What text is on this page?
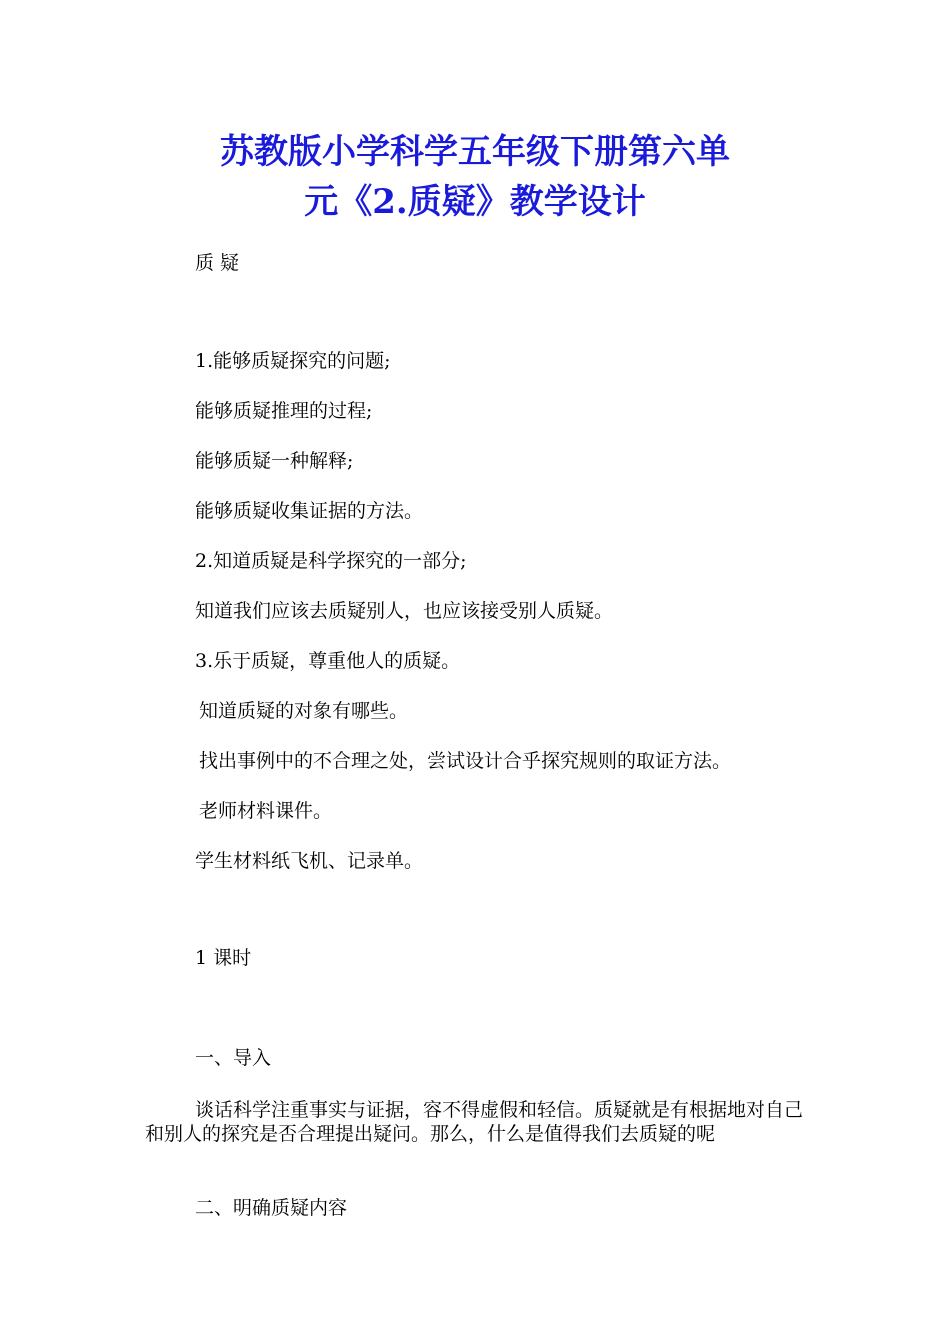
苏教版小学科学五年级下册第六单
元《2.质疑》教学设计

质 疑

1.能够质疑探究的问题;

能够质疑推理的过程;

能够质疑一种解释;

能够质疑收集证据的方法。

2.知道质疑是科学探究的一部分;

知道我们应该去质疑别人，也应该接受别人质疑。

3.乐于质疑，尊重他人的质疑。

知道质疑的对象有哪些。

找出事例中的不合理之处，尝试设计合乎探究规则的取证方法。

老师材料课件。

学生材料纸飞机、记录单。

1 课时

一、导入

谈话科学注重事实与证据，容不得虚假和轻信。质疑就是有根据地对自己和别人的探究是否合理提出疑问。那么，什么是值得我们去质疑的呢

二、明确质疑内容
